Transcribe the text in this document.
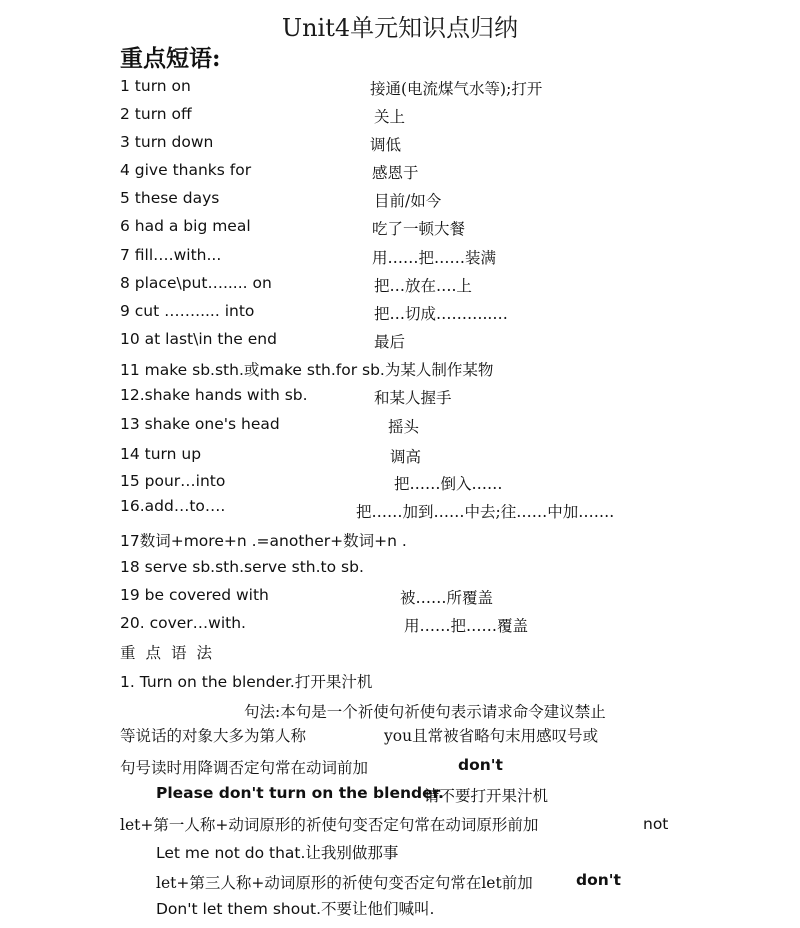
Unit4单元知识点归纳
重点短语:
1 turn on	接通(电流煤气水等);打开
2 turn off	关上
3 turn down	调低
4 give thanks for	感恩于
5 these days	目前/如今
6 had a big meal	吃了一顿大餐
7 fill….with...	用……把……装满
8 place\put…..... on	把…放在….上
9 cut ……..... into	把…切成………..…
10 at last\in the end	最后
11 make sb.sth.或make sth.for sb.为某人制作某物
12.shake hands with sb.	和某人握手
13 shake one's head	摇头
14 turn up	调高
15 pour…into	把……倒入……
16.add…to….	把……加到……中去;往……中加…….
17数词+more+n .=another+数词+n .
18 serve sb.sth.serve sth.to sb.
19 be covered with	被……所覆盖
20. cover…with.	用……把……覆盖
重点语法
1. Turn on the blender.打开果汁机
句法:本句是一个祈使句祈使句表示请求命令建议禁止
等说话的对象大多为第人称	you且常被省略句末用感叹号或
句号读时用降调否定句常在动词前加	don't
Please don't turn on the blender.
请不要打开果汁机
let+第一人称+动词原形的祈使句变否定句常在动词原形前加	not
Let me not do that.让我别做那事
let+第三人称+动词原形的祈使句变否定句常在let前加	don't
Don't let them shout.不要让他们喊叫.
